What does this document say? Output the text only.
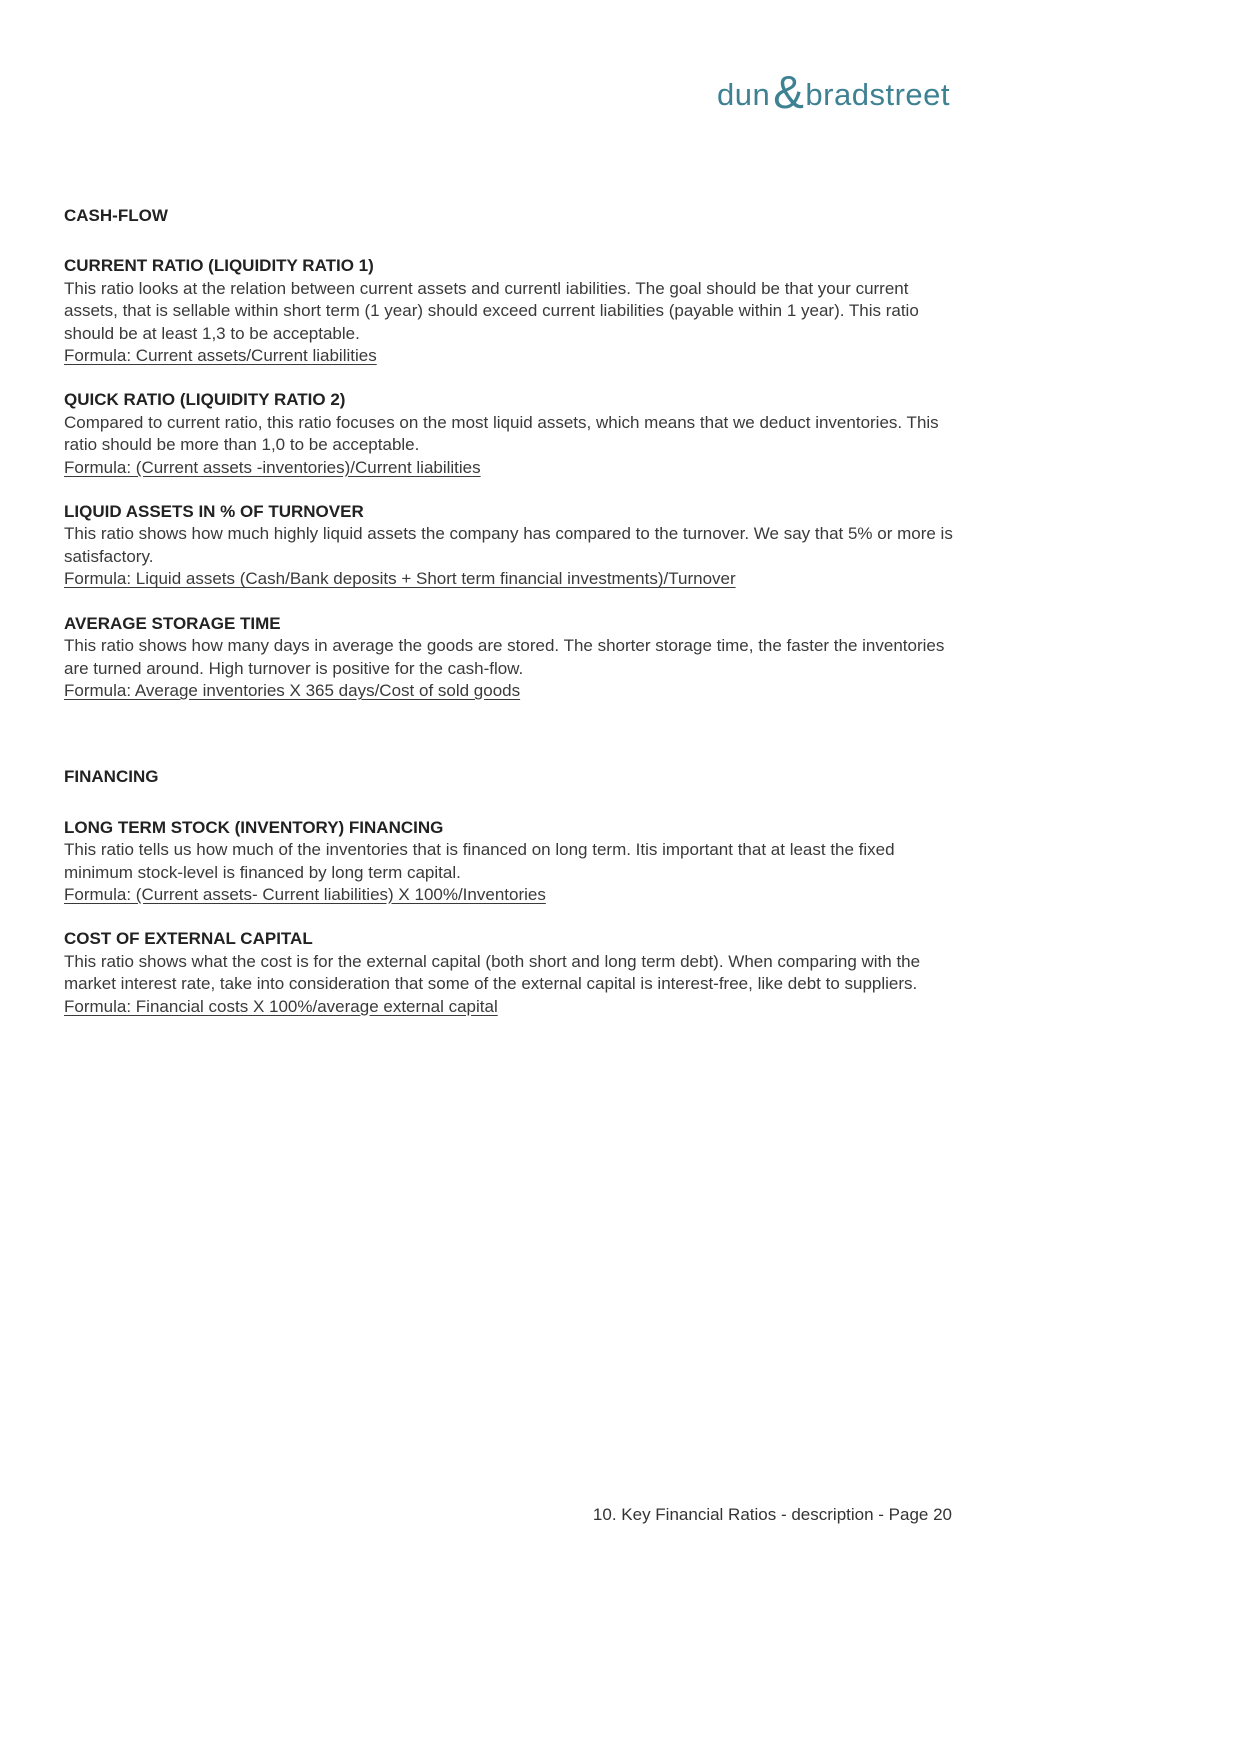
dun & bradstreet
CASH-FLOW
CURRENT RATIO (LIQUIDITY RATIO 1)
This ratio looks at the relation between current assets and currentl iabilities. The goal should be that your current assets, that is sellable within short term (1 year) should exceed current liabilities (payable within 1 year). This ratio should be at least 1,3 to be acceptable.
Formula: Current assets/Current liabilities
QUICK RATIO (LIQUIDITY RATIO 2)
Compared to current ratio, this ratio focuses on the most liquid assets, which means that we deduct inventories. This ratio should be more than 1,0 to be acceptable.
Formula: (Current assets -inventories)/Current liabilities
LIQUID ASSETS IN % OF TURNOVER
This ratio shows how much highly liquid assets the company has compared to the turnover. We say that 5% or more is satisfactory.
Formula: Liquid assets (Cash/Bank deposits + Short term financial investments)/Turnover
AVERAGE STORAGE TIME
This ratio shows how many days in average the goods are stored. The shorter storage time, the faster the inventories are turned around. High turnover is positive for the cash-flow.
Formula: Average inventories X 365 days/Cost of sold goods
FINANCING
LONG TERM STOCK (INVENTORY) FINANCING
This ratio tells us how much of the inventories that is financed on long term. Itis important that at least the fixed minimum stock-level is financed by long term capital.
Formula: (Current assets- Current liabilities) X 100%/Inventories
COST OF EXTERNAL CAPITAL
This ratio shows what the cost is for the external capital (both short and long term debt). When comparing with the market interest rate, take into consideration that some of the external capital is interest-free, like debt to suppliers.
Formula: Financial costs X 100%/average external capital
10. Key Financial Ratios - description - Page 20
